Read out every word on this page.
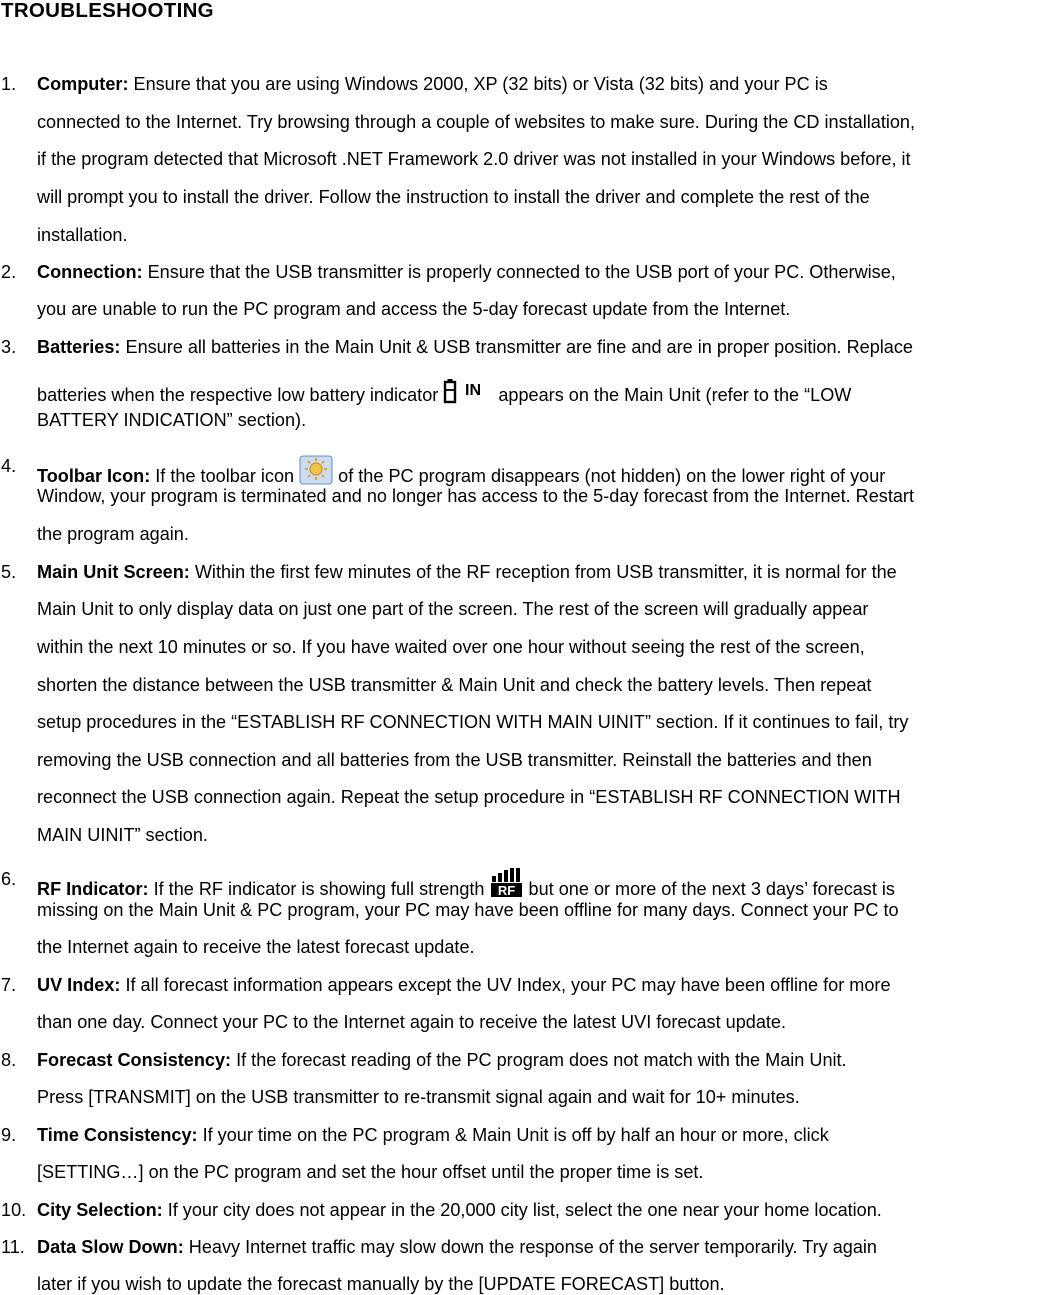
TROUBLESHOOTING
1. Computer: Ensure that you are using Windows 2000, XP (32 bits) or Vista (32 bits) and your PC is
connected to the Internet. Try browsing through a couple of websites to make sure. During the CD installation,
if the program detected that Microsoft .NET Framework 2.0 driver was not installed in your Windows before, it
will prompt you to install the driver. Follow the instruction to install the driver and complete the rest of the
installation.
2. Connection: Ensure that the USB transmitter is properly connected to the USB port of your PC. Otherwise,
you are unable to run the PC program and access the 5-day forecast update from the Internet.
3. Batteries: Ensure all batteries in the Main Unit & USB transmitter are fine and are in proper position. Replace
batteries when the respective low battery indicator IN appears on the Main Unit (refer to the “LOW
BATTERY INDICATION” section).
4. Toolbar Icon: If the toolbar icon  of the PC program disappears (not hidden) on the lower right of your
Window, your program is terminated and no longer has access to the 5-day forecast from the Internet. Restart
the program again.
5. Main Unit Screen: Within the first few minutes of the RF reception from USB transmitter, it is normal for the
Main Unit to only display data on just one part of the screen. The rest of the screen will gradually appear
within the next 10 minutes or so. If you have waited over one hour without seeing the rest of the screen,
shorten the distance between the USB transmitter & Main Unit and check the battery levels. Then repeat
setup procedures in the “ESTABLISH RF CONNECTION WITH MAIN UINIT” section. If it continues to fail, try
removing the USB connection and all batteries from the USB transmitter. Reinstall the batteries and then
reconnect the USB connection again. Repeat the setup procedure in “ESTABLISH RF CONNECTION WITH
MAIN UINIT” section.
6. RF Indicator: If the RF indicator is showing full strength RF but one or more of the next 3 days’ forecast is
missing on the Main Unit & PC program, your PC may have been offline for many days. Connect your PC to
the Internet again to receive the latest forecast update.
7. UV Index: If all forecast information appears except the UV Index, your PC may have been offline for more
than one day. Connect your PC to the Internet again to receive the latest UVI forecast update.
8. Forecast Consistency: If the forecast reading of the PC program does not match with the Main Unit.
Press [TRANSMIT] on the USB transmitter to re-transmit signal again and wait for 10+ minutes.
9. Time Consistency: If your time on the PC program & Main Unit is off by half an hour or more, click
[SETTING…] on the PC program and set the hour offset until the proper time is set.
10. City Selection: If your city does not appear in the 20,000 city list, select the one near your home location.
11. Data Slow Down: Heavy Internet traffic may slow down the response of the server temporarily. Try again
later if you wish to update the forecast manually by the [UPDATE FORECAST] button.
